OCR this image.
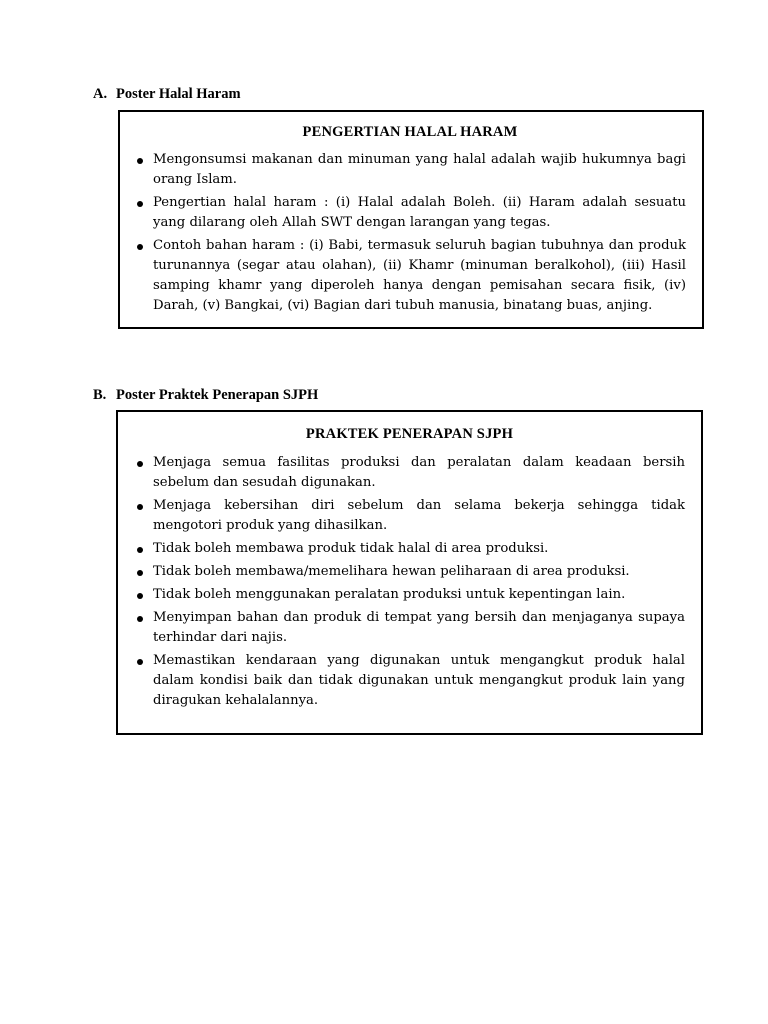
A. Poster Halal Haram
PENGERTIAN HALAL HARAM
Mengonsumsi makanan dan minuman yang halal adalah wajib hukumnya bagi orang Islam.
Pengertian halal haram : (i) Halal adalah Boleh. (ii) Haram adalah sesuatu yang dilarang oleh Allah SWT dengan larangan yang tegas.
Contoh bahan haram : (i) Babi, termasuk seluruh bagian tubuhnya dan produk turunannya (segar atau olahan), (ii) Khamr (minuman beralkohol), (iii) Hasil samping khamr yang diperoleh hanya dengan pemisahan secara fisik, (iv) Darah, (v) Bangkai, (vi) Bagian dari tubuh manusia, binatang buas, anjing.
B. Poster Praktek Penerapan SJPH
PRAKTEK PENERAPAN SJPH
Menjaga semua fasilitas produksi dan peralatan dalam keadaan bersih sebelum dan sesudah digunakan.
Menjaga kebersihan diri sebelum dan selama bekerja sehingga tidak mengotori produk yang dihasilkan.
Tidak boleh membawa produk tidak halal di area produksi.
Tidak boleh membawa/memelihara hewan peliharaan di area produksi.
Tidak boleh menggunakan peralatan produksi untuk kepentingan lain.
Menyimpan bahan dan produk di tempat yang bersih dan menjaganya supaya terhindar dari najis.
Memastikan kendaraan yang digunakan untuk mengangkut produk halal dalam kondisi baik dan tidak digunakan untuk mengangkut produk lain yang diragukan kehalalannya.
